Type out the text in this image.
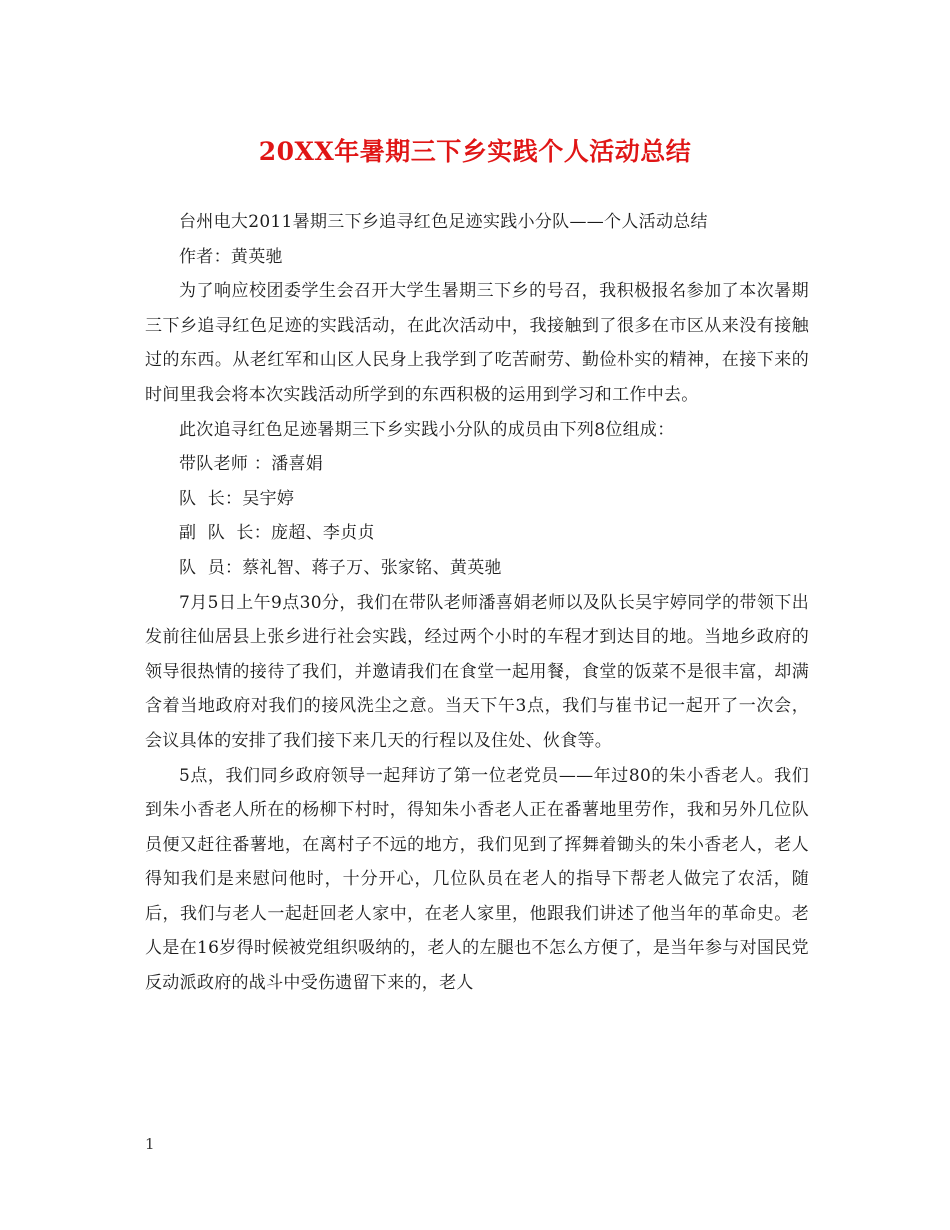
20XX年暑期三下乡实践个人活动总结

台州电大2011暑期三下乡追寻红色足迹实践小分队——个人活动总结

作者：黄英驰

为了响应校团委学生会召开大学生暑期三下乡的号召，我积极报名参加了本次暑期三下乡追寻红色足迹的实践活动，在此次活动中，我接触到了很多在市区从来没有接触过的东西。从老红军和山区人民身上我学到了吃苦耐劳、勤俭朴实的精神，在接下来的时间里我会将本次实践活动所学到的东西积极的运用到学习和工作中去。

此次追寻红色足迹暑期三下乡实践小分队的成员由下列8位组成：

带队老师 ：潘喜娟

队  长：吴宇婷

副  队  长：庞超、李贞贞

队  员：蔡礼智、蒋子万、张家铭、黄英驰

7月5日上午9点30分，我们在带队老师潘喜娟老师以及队长吴宇婷同学的带领下出发前往仙居县上张乡进行社会实践，经过两个小时的车程才到达目的地。当地乡政府的领导很热情的接待了我们，并邀请我们在食堂一起用餐，食堂的饭菜不是很丰富，却满含着当地政府对我们的接风洗尘之意。当天下午3点，我们与崔书记一起开了一次会，会议具体的安排了我们接下来几天的行程以及住处、伙食等。

5点，我们同乡政府领导一起拜访了第一位老党员——年过80的朱小香老人。我们到朱小香老人所在的杨柳下村时，得知朱小香老人正在番薯地里劳作，我和另外几位队员便又赶往番薯地，在离村子不远的地方，我们见到了挥舞着锄头的朱小香老人，老人得知我们是来慰问他时，十分开心，几位队员在老人的指导下帮老人做完了农活，随后，我们与老人一起赶回老人家中，在老人家里，他跟我们讲述了他当年的革命史。老人是在16岁得时候被党组织吸纳的，老人的左腿也不怎么方便了，是当年参与对国民党反动派政府的战斗中受伤遗留下来的，老人

1
